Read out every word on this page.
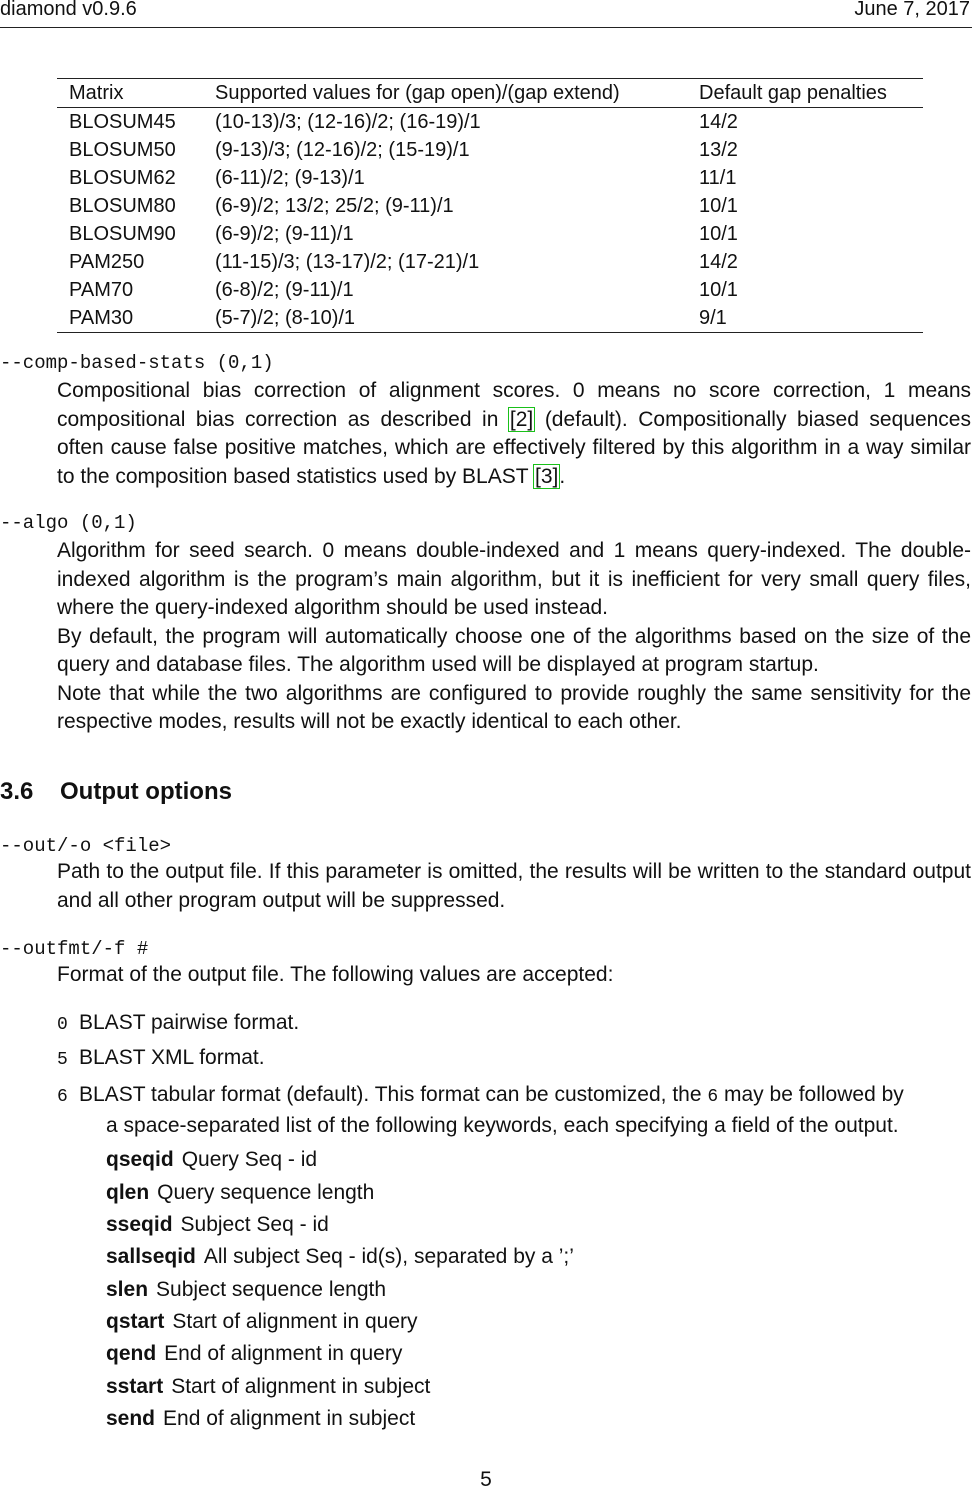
diamond v0.9.6	June 7, 2017
Matrix	Supported values for (gap open)/(gap extend)	Default gap penalties
BLOSUM45	(10-13)/3; (12-16)/2; (16-19)/1	14/2
BLOSUM50	(9-13)/3; (12-16)/2; (15-19)/1	13/2
BLOSUM62	(6-11)/2; (9-13)/1	11/1
BLOSUM80	(6-9)/2; 13/2; 25/2; (9-11)/1	10/1
BLOSUM90	(6-9)/2; (9-11)/1	10/1
PAM250	(11-15)/3; (13-17)/2; (17-21)/1	14/2
PAM70	(6-8)/2; (9-11)/1	10/1
PAM30	(5-7)/2; (8-10)/1	9/1
--comp-based-stats (0,1)

Compositional bias correction of alignment scores. 0 means no score correction, 1 means compositional bias correction as described in [2] (default). Compositionally biased sequences often cause false positive matches, which are effectively filtered by this algorithm in a way similar to the composition based statistics used by BLAST [3].

--algo (0,1)

Algorithm for seed search. 0 means double-indexed and 1 means query-indexed. The double-indexed algorithm is the program’s main algorithm, but it is inefficient for very small query files, where the query-indexed algorithm should be used instead.

By default, the program will automatically choose one of the algorithms based on the size of the query and database files. The algorithm used will be displayed at program startup.

Note that while the two algorithms are configured to provide roughly the same sensitivity for the respective modes, results will not be exactly identical to each other.

3.6 Output options
--out/-o <file>
Path to the output file. If this parameter is omitted, the results will be written to the standard output and all other program output will be suppressed.
--outfmt/-f #
Format of the output file. The following values are accepted:
0 BLAST pairwise format.
5 BLAST XML format.
6 BLAST tabular format (default). This format can be customized, the 6 may be followed by
a space-separated list of the following keywords, each specifying a field of the output.
qseqid Query Seq - id
qlen Query sequence length
sseqid Subject Seq - id
sallseqid All subject Seq - id(s), separated by a ’;’
slen Subject sequence length
qstart Start of alignment in query
qend End of alignment in query
sstart Start of alignment in subject
send End of alignment in subject
5
